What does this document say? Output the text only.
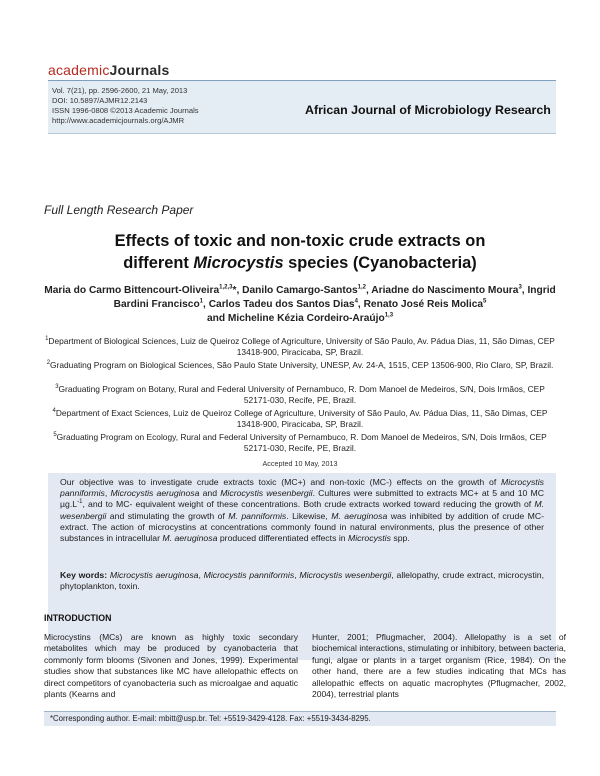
academicJournals
Vol. 7(21), pp. 2596-2600, 21 May, 2013
DOI: 10.5897/AJMR12.2143
ISSN 1996-0808 ©2013 Academic Journals
http://www.academicjournals.org/AJMR
African Journal of Microbiology Research
Full Length Research Paper
Effects of toxic and non-toxic crude extracts on
different Microcystis species (Cyanobacteria)
Maria do Carmo Bittencourt-Oliveira$^{1,2,3}$*, Danilo Camargo-Santos$^{1,2}$, Ariadne do Nascimento Moura$^3$, Ingrid Bardini Francisco$^1$, Carlos Tadeu dos Santos Dias$^4$, Renato José Reis Molica$^5$
and Micheline Kézia Cordeiro-Araújo$^{1,3}$
$^1$Department of Biological Sciences, Luiz de Queiroz College of Agriculture, University of São Paulo, Av. Pádua Dias, 11, São Dimas, CEP 13418-900, Piracicaba, SP, Brazil.
$^2$Graduating Program on Biological Sciences, São Paulo State University, UNESP, Av. 24-A, 1515, CEP 13506-900, Rio Claro, SP, Brazil.
$^3$Graduating Program on Botany, Rural and Federal University of Pernambuco, R. Dom Manoel de Medeiros, S/N, Dois Irmãos, CEP 52171-030, Recife, PE, Brazil.
$^4$Department of Exact Sciences, Luiz de Queiroz College of Agriculture, University of São Paulo, Av. Pádua Dias, 11, São Dimas, CEP 13418-900, Piracicaba, SP, Brazil.
$^5$Graduating Program on Ecology, Rural and Federal University of Pernambuco, R. Dom Manoel de Medeiros, S/N, Dois Irmãos, CEP 52171-030, Recife, PE, Brazil.
Accepted 10 May, 2013
Our objective was to investigate crude extracts toxic (MC+) and non-toxic (MC-) effects on the growth of Microcystis panniformis, Microcystis aeruginosa and Microcystis wesenbergii. Cultures were submitted to extracts MC+ at 5 and 10 MC $\mu g.L^{-1}$, and to MC- equivalent weight of these concentrations. Both crude extracts worked toward reducing the growth of M. wesenbergii and stimulating the growth of M. panniformis. Likewise, M. aeruginosa was inhibited by addition of crude MC- extract. The action of microcystins at concentrations commonly found in natural environments, plus the presence of other substances in intracellular M. aeruginosa produced differentiated effects in Microcystis spp.
Key words: Microcystis aeruginosa, Microcystis panniformis, Microcystis wesenbergii, allelopathy, crude extract, microcystin, phytoplankton, toxin.
INTRODUCTION
Microcystins (MCs) are known as highly toxic secondary metabolites which may be produced by cyanobacteria that commonly form blooms (Sivonen and Jones, 1999). Experimental studies show that substances like MC have allelopathic effects on direct competitors of cyanobacteria such as microalgae and aquatic plants (Kearns and
Hunter, 2001; Pflugmacher, 2004). Allelopathy is a set of biochemical interactions, stimulating or inhibitory, between bacteria, fungi, algae or plants in a target organism (Rice, 1984). On the other hand, there are a few studies indicating that MCs has allelopathic effects on aquatic macrophytes (Pflugmacher, 2002, 2004), terrestrial plants
*Corresponding author. E-mail: mbitt@usp.br. Tel: +5519-3429-4128. Fax: +5519-3434-8295.
